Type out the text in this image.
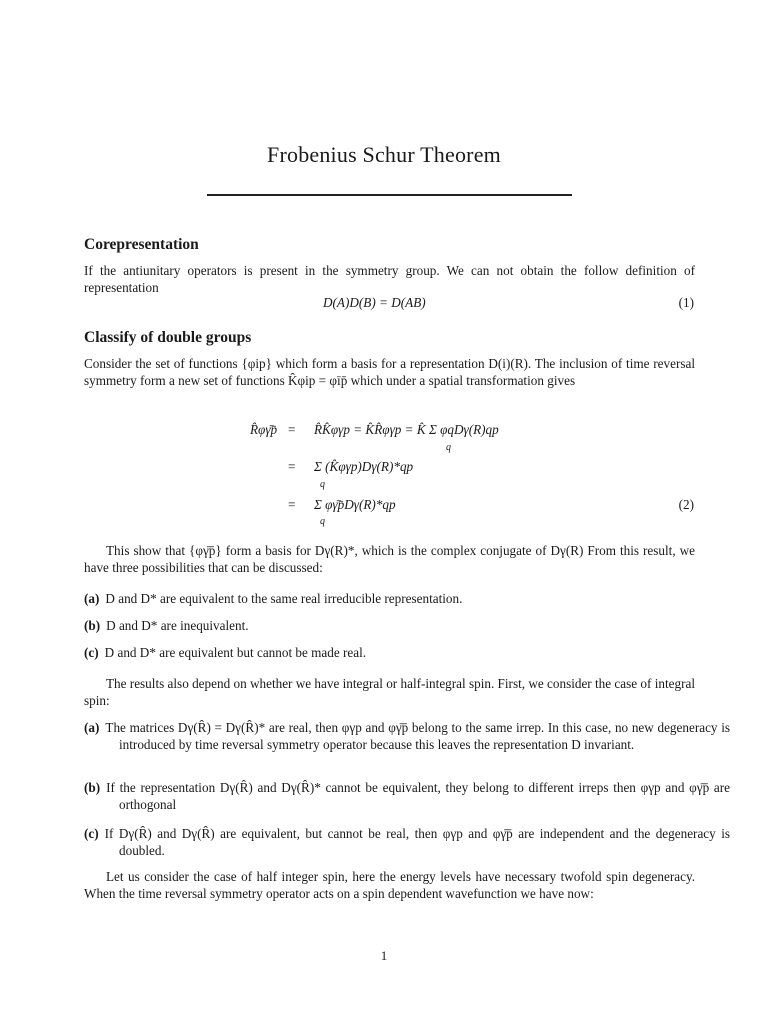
Frobenius Schur Theorem
Corepresentation
If the antiunitary operators is present in the symmetry group. We can not obtain the follow definition of representation
D(A)D(B) = D(AB)	(1)
Classify of double groups
Consider the set of functions {φip} which form a basis for a representation D(i)(R). The inclusion of time reversal symmetry form a new set of functions K̂φip = φīp̄ which under a spatial transformation gives
R̂φγ̄p̄ = R̂K̂φγp = K̂R̂φγp = K̂ Σ φqDγ(R)qp
q
= Σ (K̂φγp)Dγ(R)*qp
q
= Σ φγ̄p̄Dγ(R)*qp
q
(2)
This show that {φγ̄p̄} form a basis for Dγ(R)*, which is the complex conjugate of Dγ(R) From this result, we have three possibilities that can be discussed:
(a) D and D* are equivalent to the same real irreducible representation.
(b) D and D* are inequivalent.
(c) D and D* are equivalent but cannot be made real.
The results also depend on whether we have integral or half-integral spin. First, we consider the case of integral spin:
(a) The matrices Dγ(R̂) = Dγ(R̂)* are real, then φγp and φγ̄p̄ belong to the same irrep. In this case, no new degeneracy is introduced by time reversal symmetry operator because this leaves the representation D invariant.
(b) If the representation Dγ(R̂) and Dγ(R̂)* cannot be equivalent, they belong to different irreps then φγp and φγ̄p̄ are orthogonal
(c) If Dγ(R̂) and Dγ(R̂) are equivalent, but cannot be real, then φγp and φγ̄p̄ are independent and the degeneracy is doubled.
Let us consider the case of half integer spin, here the energy levels have necessary twofold spin degeneracy. When the time reversal symmetry operator acts on a spin dependent wavefunction we have now:
1
